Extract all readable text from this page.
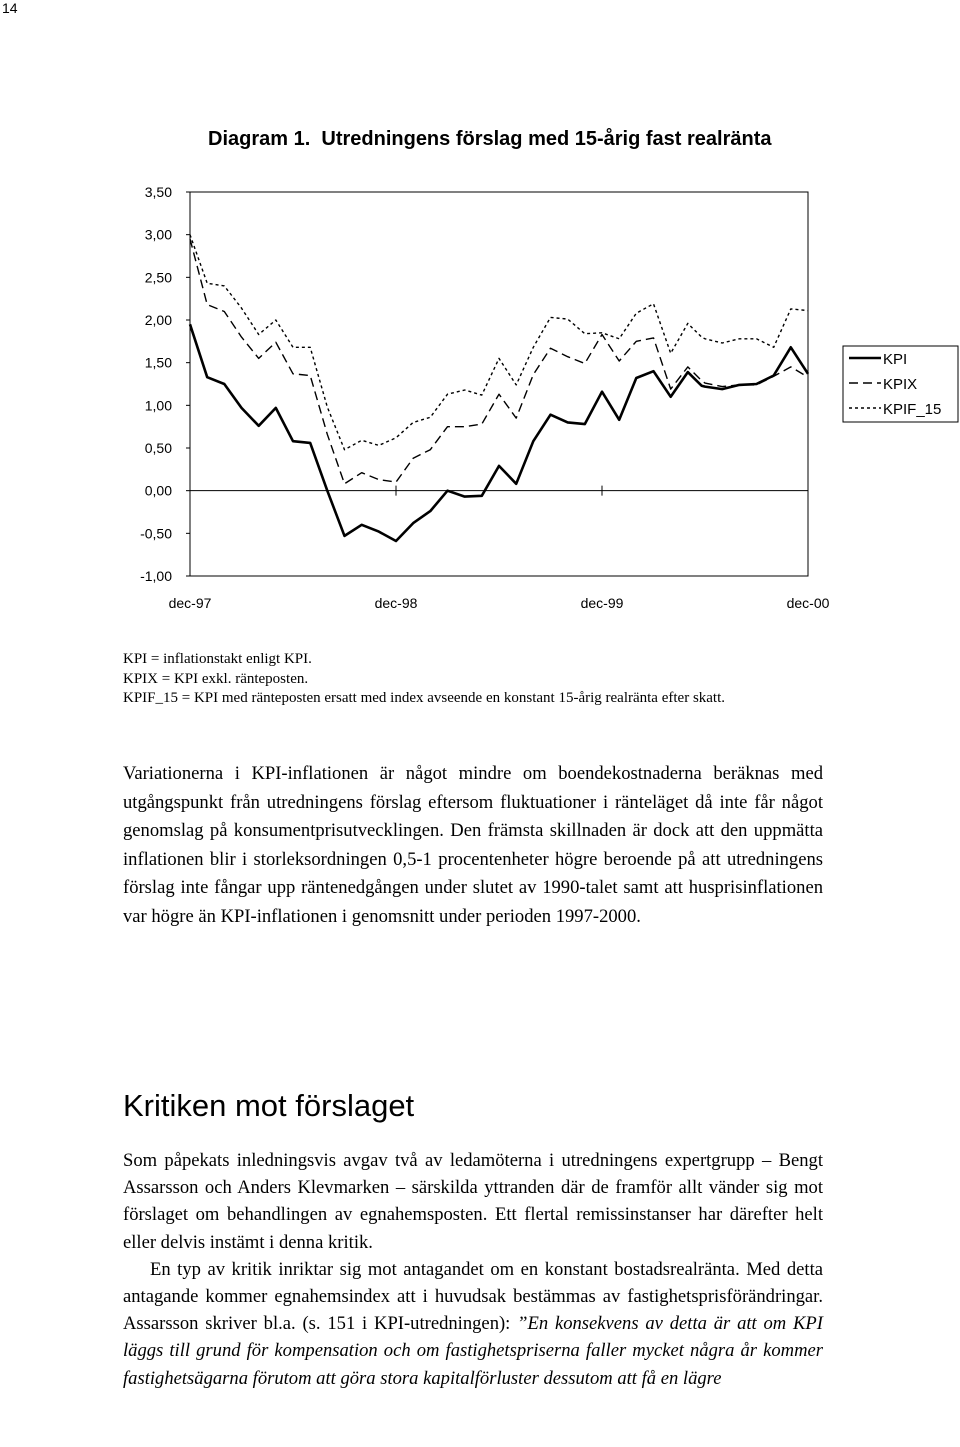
14
Diagram 1.  Utredningens förslag med 15-årig fast realränta
3,50
3,00
2,50
2,00
1,50
1,00
0,50
0,00
-0,50
-1,00
dec-97	dec-98	dec-99	dec-00
KPI
KPIX
KPIF_15
KPI = inflationstakt enligt KPI.
KPIX = KPI exkl. ränteposten.
KPIF_15 = KPI med ränteposten ersatt med index avseende en konstant 15-årig realränta efter skatt.
Variationerna i KPI-inflationen är något mindre om boendekostnaderna beräknas med utgångspunkt från utredningens förslag eftersom fluktuationer i ränteläget då inte får något genomslag på konsumentprisutvecklingen. Den främsta skillnaden är dock att den uppmätta inflationen blir i storleksordningen 0,5-1 procentenheter högre beroende på att utredningens förslag inte fångar upp räntenedgången under slutet av 1990-talet samt att husprisinflationen var högre än KPI-inflationen i genomsnitt under perioden 1997-2000.
Kritiken mot förslaget

Som påpekats inledningsvis avgav två av ledamöterna i utredningens expertgrupp – Bengt Assarsson och Anders Klevmarken – särskilda yttranden där de framför allt vänder sig mot förslaget om behandlingen av egnahemsposten. Ett flertal remissinstanser har därefter helt eller delvis instämt i denna kritik.

En typ av kritik inriktar sig mot antagandet om en konstant bostadsrealränta. Med detta antagande kommer egnahemsindex att i huvudsak bestämmas av fastighetsprisförändringar. Assarsson skriver bl.a. (s. 151 i KPI-utredningen): ”En konsekvens av detta är att om KPI läggs till grund för kompensation och om fastighetspriserna faller mycket några år kommer fastighetsägarna förutom att göra stora kapitalförluster dessutom att få en lägre
